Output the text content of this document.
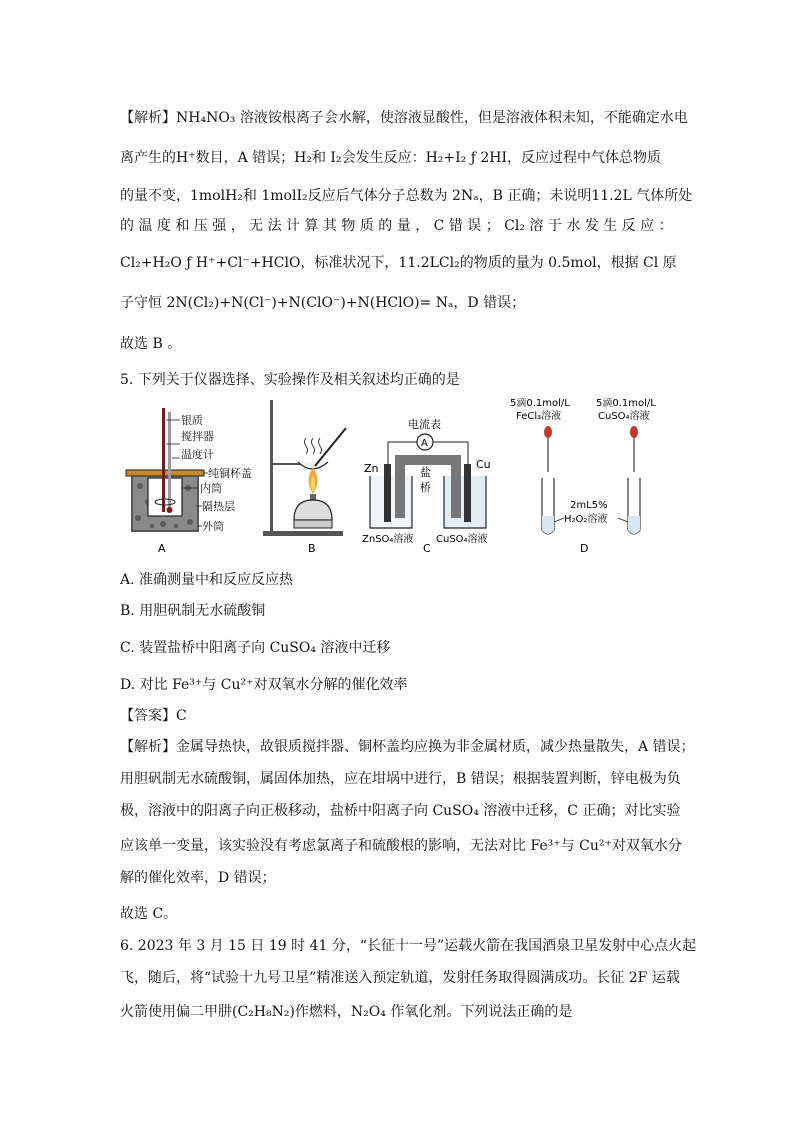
【解析】NH₄NO₃ 溶液铵根离子会水解，使溶液显酸性，但是溶液体积未知，不能确定水电
离产生的H⁺数目，A 错误；H₂和 I₂会发生反应：H₂+I₂ ƒ 2HI，反应过程中气体总物质
的量不变，1molH₂和 1molI₂反应后气体分子总数为 2Nₐ，B 正确；未说明11.2L 气体所处
的 温 度 和 压 强 ， 无 法 计 算 其 物 质 的 量 ， C 错 误 ； Cl₂ 溶 于 水 发 生 反 应 ：
Cl₂+H₂O ƒ H⁺+Cl⁻+HClO，标准状况下，11.2LCl₂的物质的量为 0.5mol，根据 Cl 原
子守恒 2N(Cl₂)+N(Cl⁻)+N(ClO⁻)+N(HClO)= Nₐ，D 错误；
故选 B 。
5. 下列关于仪器选择、实验操作及相关叙述均正确的是
银质
搅拌器
温度计
纯铜杯盖
内筒
隔热层
外筒
A	B
电流表
A
盐
桥
Zn	Cu
ZnSO₄溶液 CuSO₄溶液
C
5滴0.1mol/L
FeCl₃溶液
5滴0.1mol/L
CuSO₄溶液
2mL5%
H₂O₂溶液
D
A. 准确测量中和反应反应热
B. 用胆矾制无水硫酸铜
C. 装置盐桥中阳离子向 CuSO₄ 溶液中迁移
D. 对比 Fe³⁺与 Cu²⁺对双氧水分解的催化效率
【答案】C
【解析】金属导热快，故银质搅拌器、铜杯盖均应换为非金属材质，减少热量散失，A 错误；
用胆矾制无水硫酸铜，属固体加热，应在坩埚中进行，B 错误；根据装置判断，锌电极为负
极，溶液中的阳离子向正极移动，盐桥中阳离子向 CuSO₄ 溶液中迁移，C 正确；对比实验
应该单一变量，该实验没有考虑氯离子和硫酸根的影响，无法对比 Fe³⁺与 Cu²⁺对双氧水分
解的催化效率，D 错误；
故选 C。
6. 2023 年 3 月 15 日 19 时 41 分，“长征十一号”运载火箭在我国酒泉卫星发射中心点火起
飞，随后，将“试验十九号卫星”精准送入预定轨道，发射任务取得圆满成功。长征 2F 运载
火箭使用偏二甲肼(C₂H₈N₂)作燃料，N₂O₄ 作氧化剂。下列说法正确的是
